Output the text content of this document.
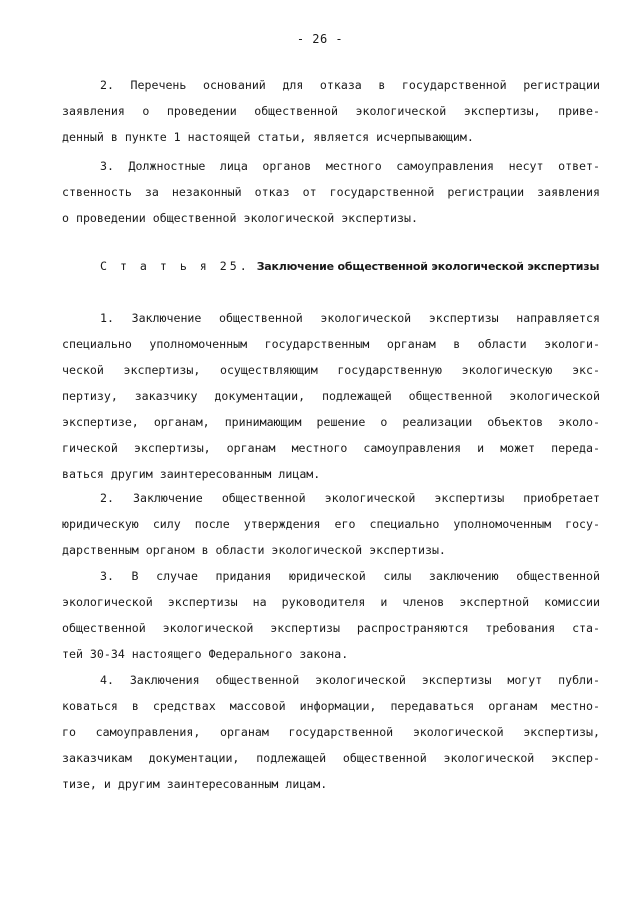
- 26 -
2. Перечень оснований для отказа в государственной регистрации
заявления о проведении общественной экологической экспертизы, приве-
денный в пункте 1 настоящей статьи, является исчерпывающим.
3. Должностные лица органов местного самоуправления несут ответ-
ственность за незаконный отказ от государственной регистрации заявления
о проведении общественной экологической экспертизы.
С т а т ь я 25. Заключение общественной экологической экспертизы
1. Заключение общественной экологической экспертизы направляется
специально уполномоченным государственным органам в области экологи-
ческой экспертизы, осуществляющим государственную экологическую экс-
пертизу, заказчику документации, подлежащей общественной экологической
экспертизе, органам, принимающим решение о реализации объектов эколо-
гической экспертизы, органам местного самоуправления и может переда-
ваться другим заинтересованным лицам.
2. Заключение общественной экологической экспертизы приобретает
юридическую силу после утверждения его специально уполномоченным госу-
дарственным органом в области экологической экспертизы.
3. В случае придания юридической силы заключению общественной
экологической экспертизы на руководителя и членов экспертной комиссии
общественной экологической экспертизы распространяются требования ста-
тей 30-34 настоящего Федерального закона.
4. Заключения общественной экологической экспертизы могут публи-
коваться в средствах массовой информации, передаваться органам местно-
го самоуправления, органам государственной экологической экспертизы,
заказчикам документации, подлежащей общественной экологической экспер-
тизе, и другим заинтересованным лицам.
